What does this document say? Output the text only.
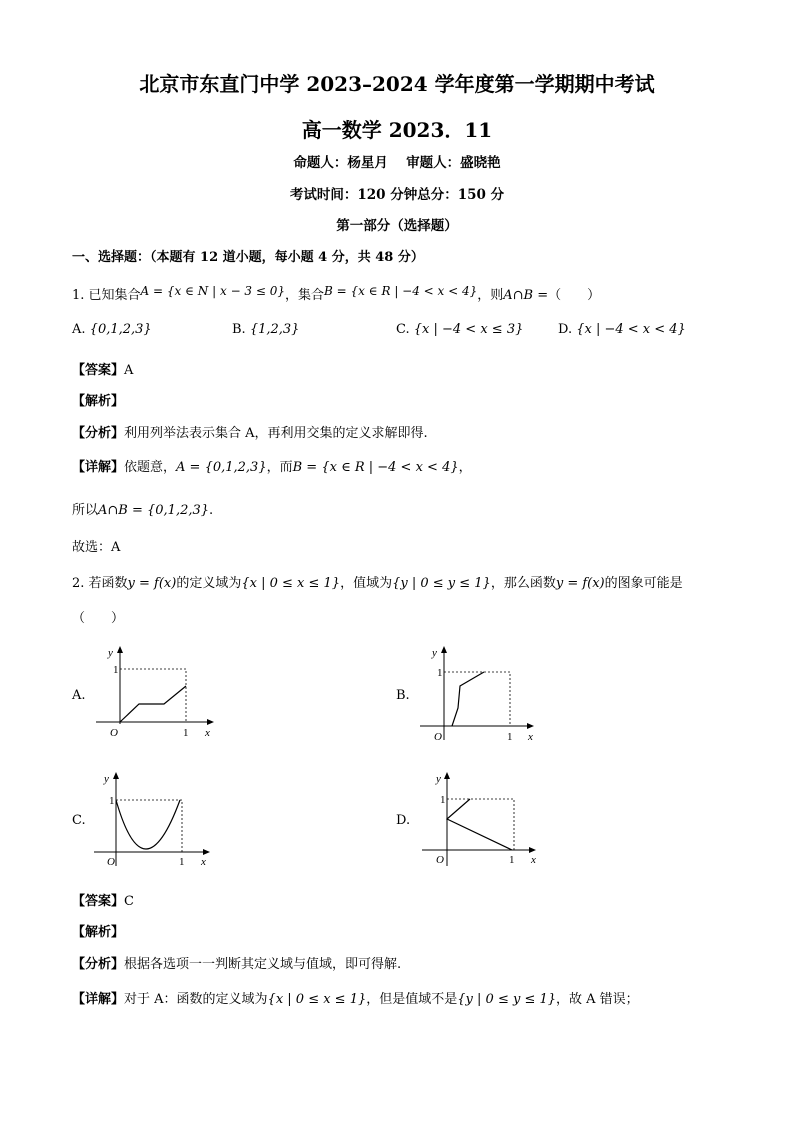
北京市东直门中学 2023–2024 学年度第一学期期中考试
高一数学 2023．11
命题人：杨星月　 审题人：盛晓艳
考试时间：120 分钟总分：150 分
第一部分（选择题）
一、选择题：（本题有 12 道小题，每小题 4 分，共 48 分）
1. 已知集合A = {x ∈ N | x − 3 ≤ 0}，集合B = {x ∈ R | −4 < x < 4}，则A∩B =（　　）
A. {0,1,2,3}	B. {1,2,3}	C. {x | −4 < x ≤ 3}	D. {x | −4 < x < 4}
【答案】A
【解析】
【分析】利用列举法表示集合 A，再利用交集的定义求解即得.
【详解】依题意，A = {0,1,2,3}，而B = {x ∈ R | −4 < x < 4}，
所以A∩B = {0,1,2,3}.
故选：A
2. 若函数y = f(x)的定义域为{x | 0 ≤ x ≤ 1}，值域为{y | 0 ≤ y ≤ 1}，那么函数y = f(x)的图象可能是
（　　）
A.	B.
C.	D.
y
1
O	1 x
y
1
O	1 x
y
1
O	1 x
y
1
O	1 x
【答案】C
【解析】
【分析】根据各选项一一判断其定义域与值域，即可得解.
【详解】对于 A：函数的定义域为{x | 0 ≤ x ≤ 1}，但是值域不是{y | 0 ≤ y ≤ 1}，故 A 错误；
